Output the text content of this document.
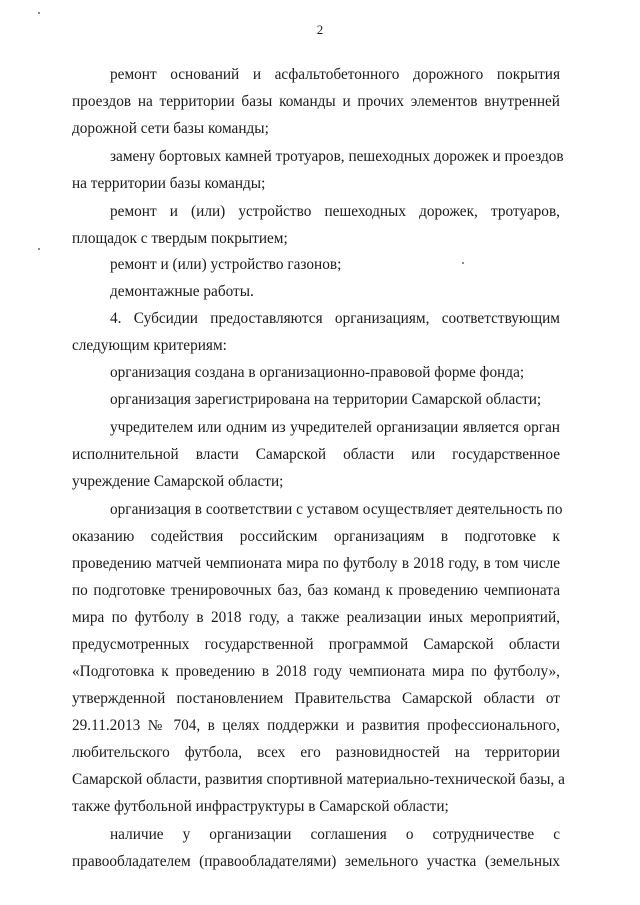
2
ремонт оснований и асфальтобетонного дорожного покрытия
проездов на территории базы команды и прочих элементов внутренней
дорожной сети базы команды;
замену бортовых камней тротуаров, пешеходных дорожек и проездов
на территории базы команды;
ремонт и (или) устройство пешеходных дорожек, тротуаров,
площадок с твердым покрытием;
ремонт и (или) устройство газонов;
демонтажные работы.
4. Субсидии предоставляются организациям, соответствующим
следующим критериям:
организация создана в организационно-правовой форме фонда;
организация зарегистрирована на территории Самарской области;
учредителем или одним из учредителей организации является орган
исполнительной власти Самарской области или государственное
учреждение Самарской области;
организация в соответствии с уставом осуществляет деятельность по
оказанию содействия российским организациям в подготовке к
проведению матчей чемпионата мира по футболу в 2018 году, в том числе
по подготовке тренировочных баз, баз команд к проведению чемпионата
мира по футболу в 2018 году, а также реализации иных мероприятий,
предусмотренных государственной программой Самарской области
«Подготовка к проведению в 2018 году чемпионата мира по футболу»,
утвержденной постановлением Правительства Самарской области от
29.11.2013 № 704, в целях поддержки и развития профессионального,
любительского футбола, всех его разновидностей на территории
Самарской области, развития спортивной материально-технической базы, а
также футбольной инфраструктуры в Самарской области;
наличие у организации соглашения о сотрудничестве с
правообладателем (правообладателями) земельного участка (земельных
